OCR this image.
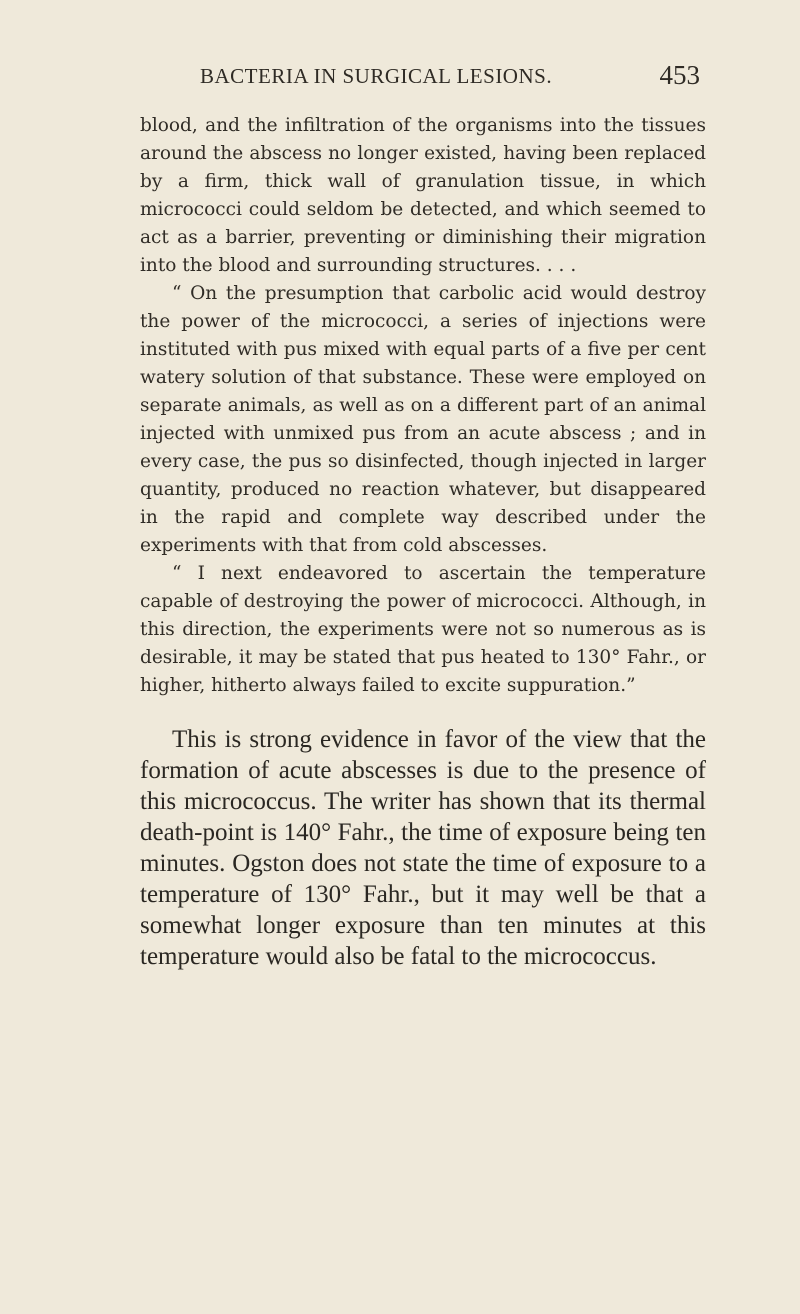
BACTERIA IN SURGICAL LESIONS.	453

blood, and the infiltration of the organisms into the tissues around the abscess no longer existed, having been replaced by a firm, thick wall of granulation tissue, in which micrococci could seldom be detected, and which seemed to act as a barrier, preventing or diminishing their migration into the blood and surrounding structures. . . .

“ On the presumption that carbolic acid would destroy the power of the micrococci, a series of injections were instituted with pus mixed with equal parts of a five per cent watery solution of that substance. These were employed on separate animals, as well as on a different part of an animal injected with unmixed pus from an acute abscess ; and in every case, the pus so disinfected, though injected in larger quantity, produced no reaction whatever, but disappeared in the rapid and complete way described under the experiments with that from cold abscesses.

“ I next endeavored to ascertain the temperature capable of destroying the power of micrococci. Although, in this direction, the experiments were not so numerous as is desirable, it may be stated that pus heated to 130° Fahr., or higher, hitherto always failed to excite suppuration.”

This is strong evidence in favor of the view that the formation of acute abscesses is due to the presence of this micrococcus. The writer has shown that its thermal death-point is 140° Fahr., the time of exposure being ten minutes. Ogston does not state the time of exposure to a temperature of 130° Fahr., but it may well be that a somewhat longer exposure than ten minutes at this temperature would also be fatal to the micrococcus.
